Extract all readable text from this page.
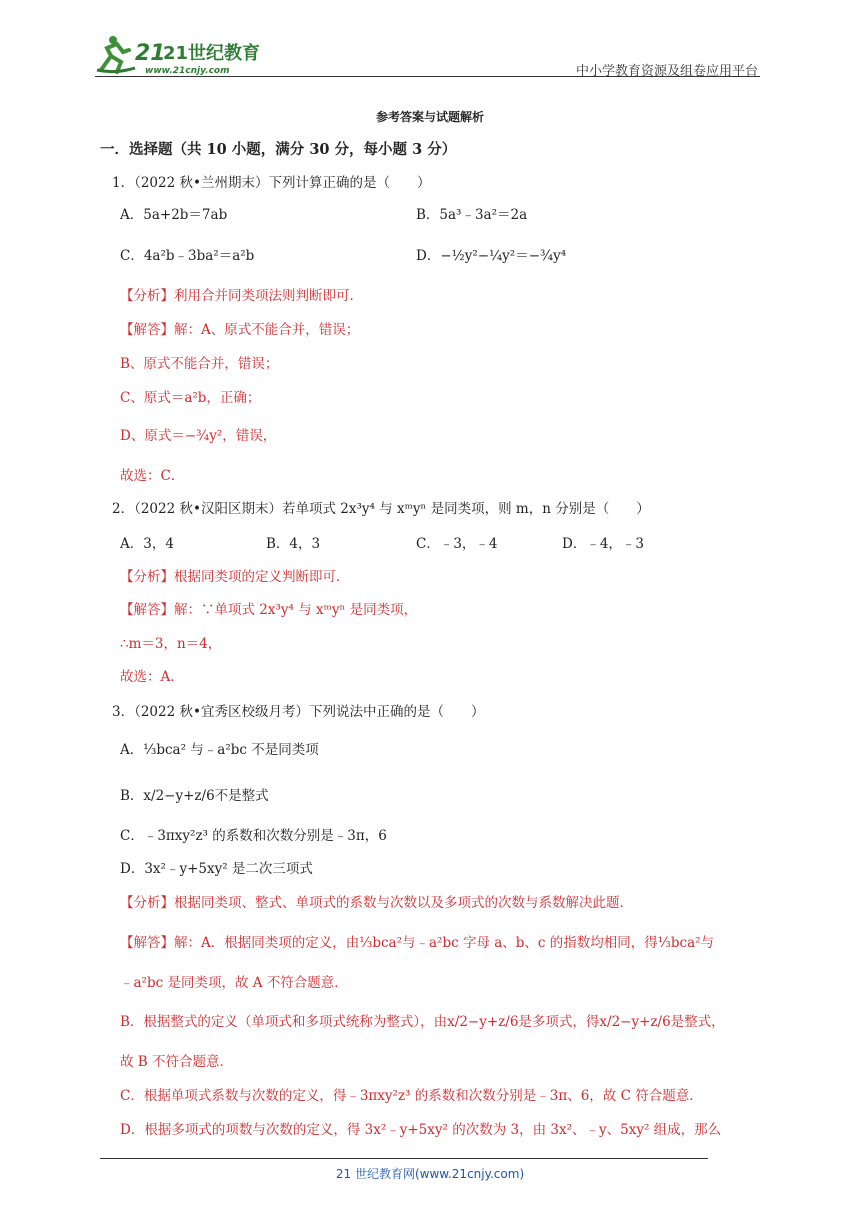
21
21世纪教育
www.21cnjy.com	中小学教育资源及组卷应用平台
参考答案与试题解析
一．选择题（共 10 小题，满分 30 分，每小题 3 分）
1．（2022 秋•兰州期末）下列计算正确的是（　　）
A．5a+2b＝7ab	B．5a³﹣3a²＝2a
C．4a²b﹣3ba²＝a²b	D．−½y²−¼y²＝−¾y⁴
【分析】利用合并同类项法则判断即可．
【解答】解：A、原式不能合并，错误；
B、原式不能合并，错误；
C、原式＝a²b，正确；
D、原式＝−¾y²，错误，
故选：C．
2．（2022 秋•汉阳区期末）若单项式 2x³y⁴ 与 xᵐyⁿ 是同类项，则 m，n 分别是（　　）
A．3，4	B．4，3	C．﹣3，﹣4	D．﹣4，﹣3
【分析】根据同类项的定义判断即可．
【解答】解：∵单项式 2x³y⁴ 与 xᵐyⁿ 是同类项，
∴m＝3，n＝4，
故选：A．
3．（2022 秋•宜秀区校级月考）下列说法中正确的是（　　）
A．⅓bca² 与﹣a²bc 不是同类项
B．x/2−y+z/6不是整式
C．﹣3πxy²z³ 的系数和次数分别是﹣3π，6
D．3x²﹣y+5xy² 是二次三项式
【分析】根据同类项、整式、单项式的系数与次数以及多项式的次数与系数解决此题．
【解答】解：A．根据同类项的定义，由⅓bca²与﹣a²bc 字母 a、b、c 的指数均相同，得⅓bca²与
﹣a²bc 是同类项，故 A 不符合题意．
B．根据整式的定义（单项式和多项式统称为整式），由x/2−y+z/6是多项式，得x/2−y+z/6是整式，
故 B 不符合题意．
C．根据单项式系数与次数的定义，得﹣3πxy²z³ 的系数和次数分别是﹣3π、6，故 C 符合题意．
D．根据多项式的项数与次数的定义，得 3x²﹣y+5xy² 的次数为 3，由 3x²、﹣y、5xy² 组成，那么
21 世纪教育网(www.21cnjy.com)
